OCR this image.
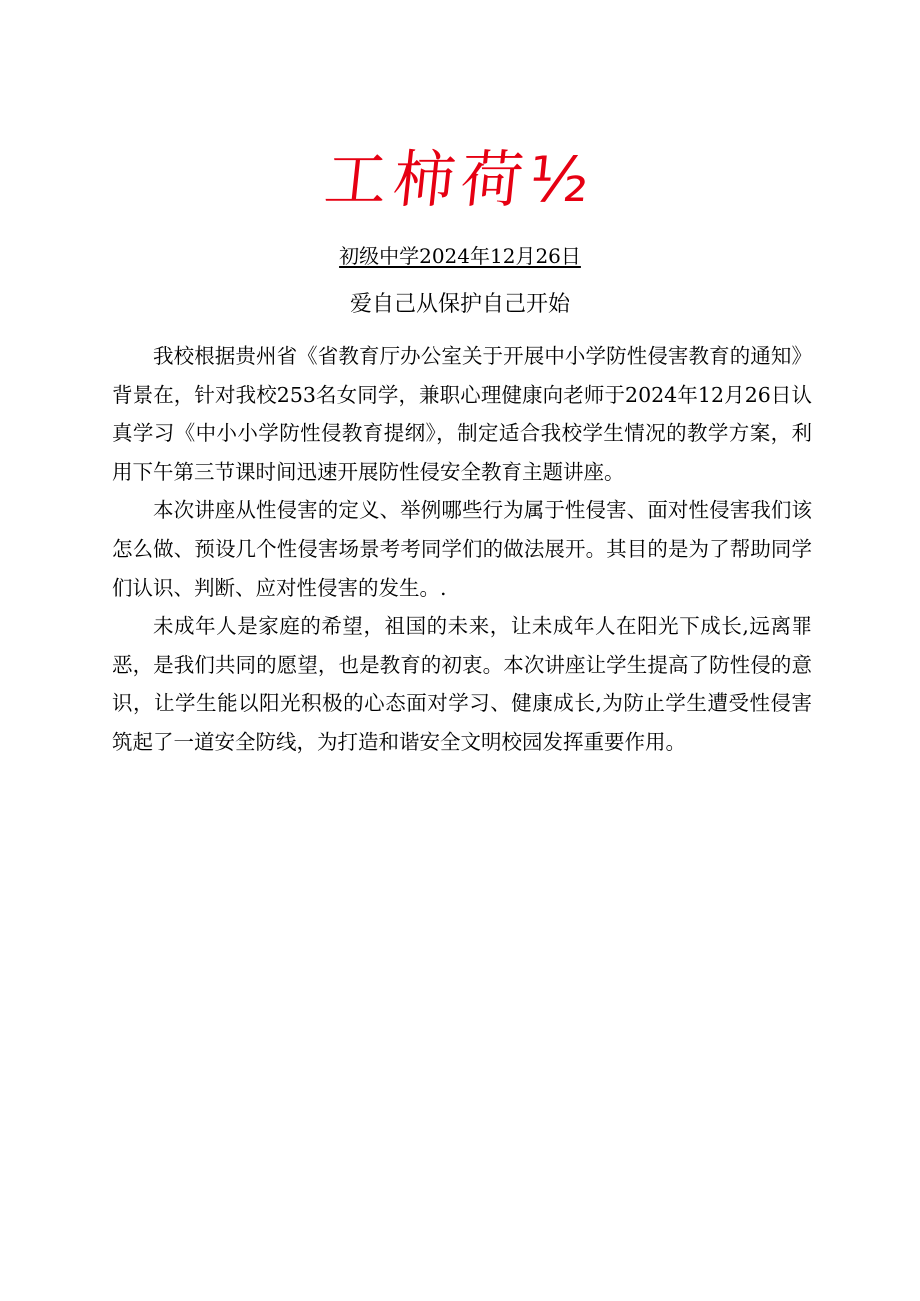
工柿荷½
初级中学2024年12月26日
爱自己从保护自己开始

我校根据贵州省《省教育厅办公室关于开展中小学防性侵害教育的通知》背景在，针对我校253名女同学，兼职心理健康向老师于2024年12月26日认真学习《中小小学防性侵教育提纲》，制定适合我校学生情况的教学方案，利用下午第三节课时间迅速开展防性侵安全教育主题讲座。

本次讲座从性侵害的定义、举例哪些行为属于性侵害、面对性侵害我们该怎么做、预设几个性侵害场景考考同学们的做法展开。其目的是为了帮助同学们认识、判断、应对性侵害的发生。.

未成年人是家庭的希望，祖国的未来，让未成年人在阳光下成长,远离罪恶，是我们共同的愿望，也是教育的初衷。本次讲座让学生提高了防性侵的意识，让学生能以阳光积极的心态面对学习、健康成长,为防止学生遭受性侵害筑起了一道安全防线，为打造和谐安全文明校园发挥重要作用。
